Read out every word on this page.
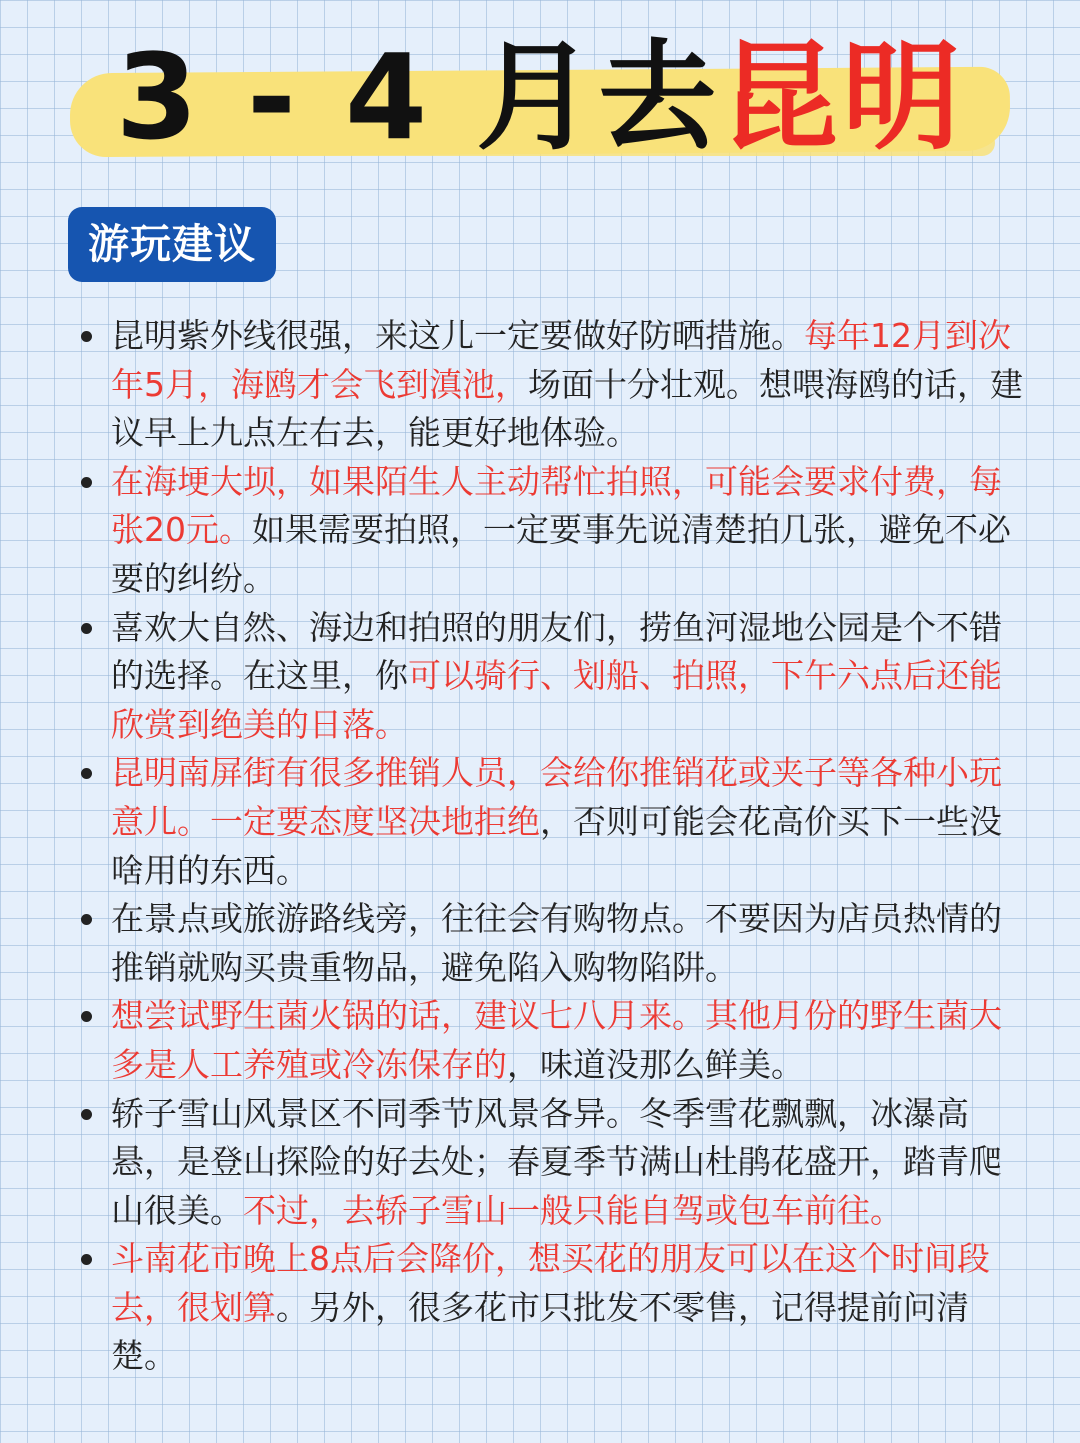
3 - 4 月去昆明
游玩建议
昆明紫外线很强，来这儿一定要做好防晒措施。每年12月到次年5月，海鸥才会飞到滇池，场面十分壮观。想喂海鸥的话，建议早上九点左右去，能更好地体验。
在海埂大坝，如果陌生人主动帮忙拍照，可能会要求付费，每张20元。如果需要拍照，一定要事先说清楚拍几张，避免不必要的纠纷。
喜欢大自然、海边和拍照的朋友们，捞鱼河湿地公园是个不错的选择。在这里，你可以骑行、划船、拍照，下午六点后还能欣赏到绝美的日落。
昆明南屏街有很多推销人员，会给你推销花或夹子等各种小玩意儿。一定要态度坚决地拒绝，否则可能会花高价买下一些没啥用的东西。
在景点或旅游路线旁，往往会有购物点。不要因为店员热情的推销就购买贵重物品，避免陷入购物陷阱。
想尝试野生菌火锅的话，建议七八月来。其他月份的野生菌大多是人工养殖或冷冻保存的，味道没那么鲜美。
轿子雪山风景区不同季节风景各异。冬季雪花飘飘，冰瀑高悬，是登山探险的好去处；春夏季节满山杜鹃花盛开，踏青爬山很美。不过，去轿子雪山一般只能自驾或包车前往。
斗南花市晚上8点后会降价，想买花的朋友可以在这个时间段去，很划算。另外，很多花市只批发不零售，记得提前问清楚。
